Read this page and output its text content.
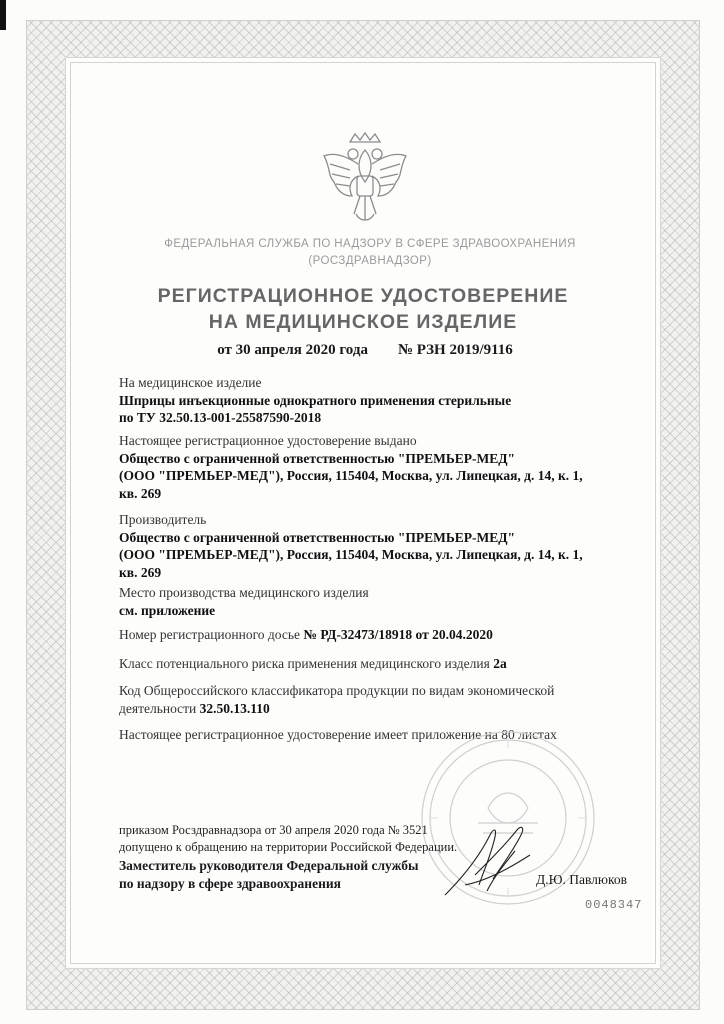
ФЕДЕРАЛЬНАЯ СЛУЖБА ПО НАДЗОРУ В СФЕРЕ ЗДРАВООХРАНЕНИЯ
(РОСЗДРАВНАДЗОР)
РЕГИСТРАЦИОННОЕ УДОСТОВЕРЕНИЕ
НА МЕДИЦИНСКОЕ ИЗДЕЛИЕ
от 30 апреля 2020 года № РЗН 2019/9116
На медицинское изделие
Шприцы инъекционные однократного применения стерильные
по ТУ 32.50.13-001-25587590-2018
Настоящее регистрационное удостоверение выдано
Общество с ограниченной ответственностью "ПРЕМЬЕР-МЕД"
(ООО "ПРЕМЬЕР-МЕД"), Россия, 115404, Москва, ул. Липецкая, д. 14, к. 1,
кв. 269
Производитель
Общество с ограниченной ответственностью "ПРЕМЬЕР-МЕД"
(ООО "ПРЕМЬЕР-МЕД"), Россия, 115404, Москва, ул. Липецкая, д. 14, к. 1,
кв. 269
Место производства медицинского изделия
см. приложение
Номер регистрационного досье № РД-32473/18918 от 20.04.2020
Класс потенциального риска применения медицинского изделия 2а
Код Общероссийского классификатора продукции по видам экономической
деятельности 32.50.13.110
Настоящее регистрационное удостоверение имеет приложение на 80 листах
приказом Росздравнадзора от 30 апреля 2020 года № 3521
допущено к обращению на территории Российской Федерации.
Заместитель руководителя Федеральной службы
по надзору в сфере здравоохранения	Д.Ю. Павлюков
0048347
